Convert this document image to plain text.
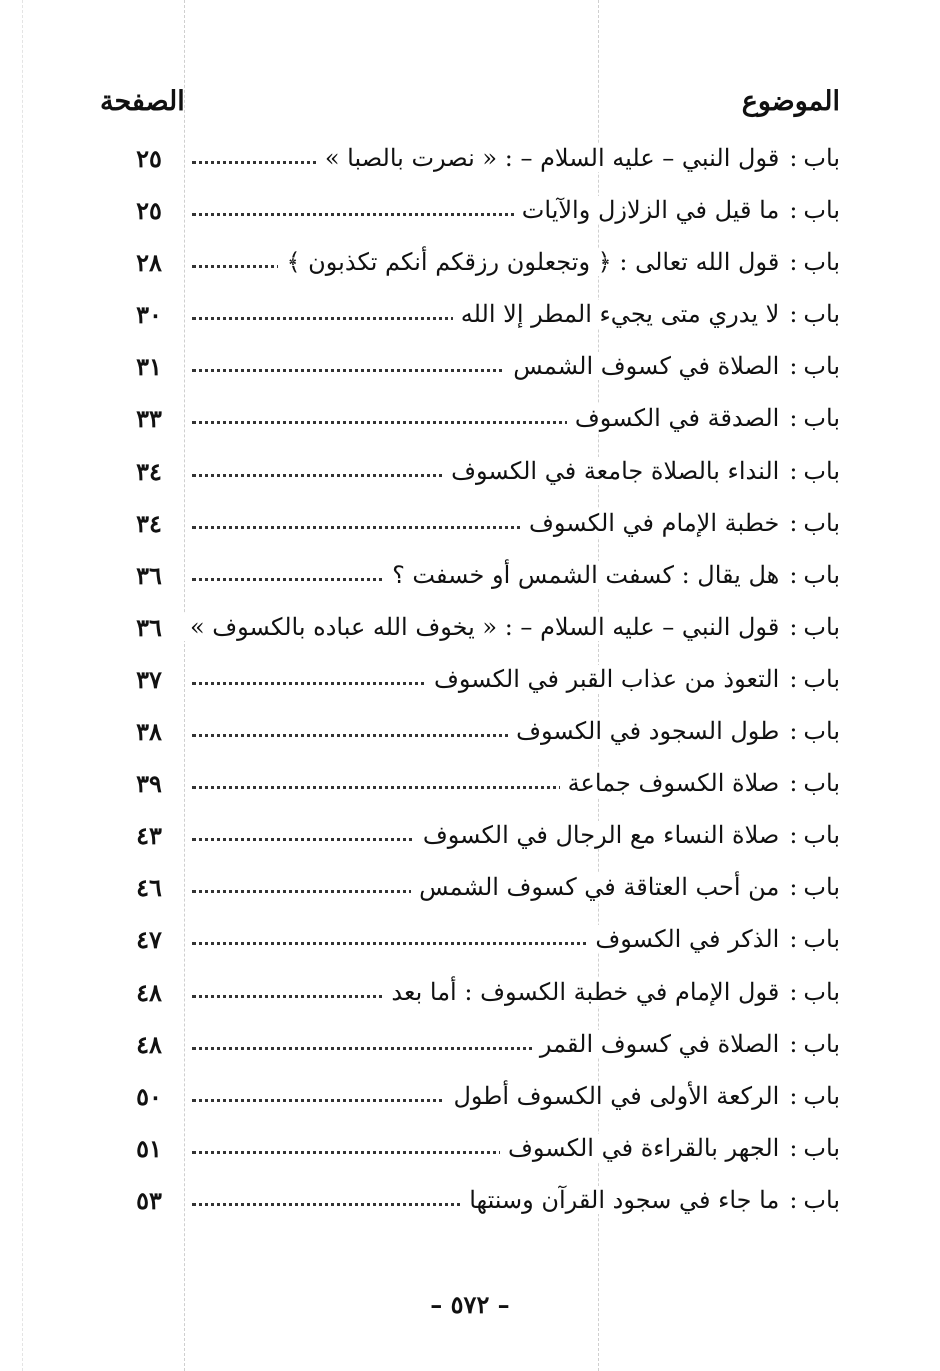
الموضوع
الصفحة
باب:قول النبي – عليه السلام – : « نصرت بالصبا »
٢٥
باب:ما قيل في الزلازل والآيات
٢٥
باب:قول الله تعالى : ﴿ وتجعلون رزقكم أنكم تكذبون ﴾
٢٨
باب:لا يدري متى يجيء المطر إلا الله
٣٠
باب:الصلاة في كسوف الشمس
٣١
باب:الصدقة في الكسوف
٣٣
باب:النداء بالصلاة جامعة في الكسوف
٣٤
باب:خطبة الإمام في الكسوف
٣٤
باب:هل يقال : كسفت الشمس أو خسفت ؟
٣٦
باب:قول النبي – عليه السلام – : « يخوف الله عباده بالكسوف »
٣٦
باب:التعوذ من عذاب القبر في الكسوف
٣٧
باب:طول السجود في الكسوف
٣٨
باب:صلاة الكسوف جماعة
٣٩
باب:صلاة النساء مع الرجال في الكسوف
٤٣
باب:من أحب العتاقة في كسوف الشمس
٤٦
باب:الذكر في الكسوف
٤٧
باب:قول الإمام في خطبة الكسوف : أما بعد
٤٨
باب:الصلاة في كسوف القمر
٤٨
باب:الركعة الأولى في الكسوف أطول
٥٠
باب:الجهر بالقراءة في الكسوف
٥١
باب:ما جاء في سجود القرآن وسنتها
٥٣
– ٥٧٢ –
